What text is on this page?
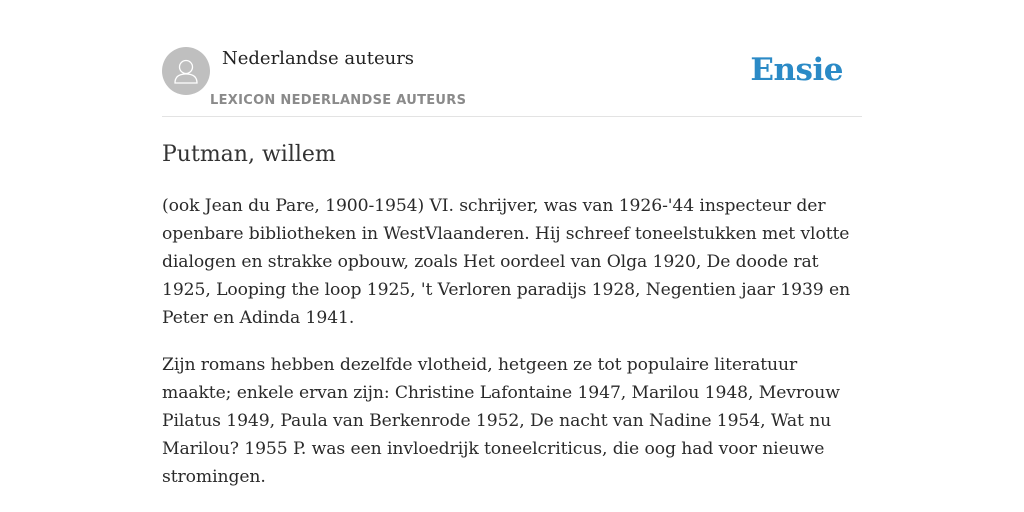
Nederlandse auteurs
LEXICON NEDERLANDSE AUTEURS
Ensie
Putman, willem

(ook Jean du Pare, 1900-1954) VI. schrijver, was van 1926-'44 inspecteur der openbare bibliotheken in WestVlaanderen. Hij schreef toneelstukken met vlotte dialogen en strakke opbouw, zoals Het oordeel van Olga 1920, De doode rat 1925, Looping the loop 1925, 't Verloren paradijs 1928, Negentien jaar 1939 en Peter en Adinda 1941.

Zijn romans hebben dezelfde vlotheid, hetgeen ze tot populaire literatuur maakte; enkele ervan zijn: Christine Lafontaine 1947, Marilou 1948, Mevrouw Pilatus 1949, Paula van Berkenrode 1952, De nacht van Nadine 1954, Wat nu Marilou? 1955 P. was een invloedrijk toneelcriticus, die oog had voor nieuwe stromingen.
